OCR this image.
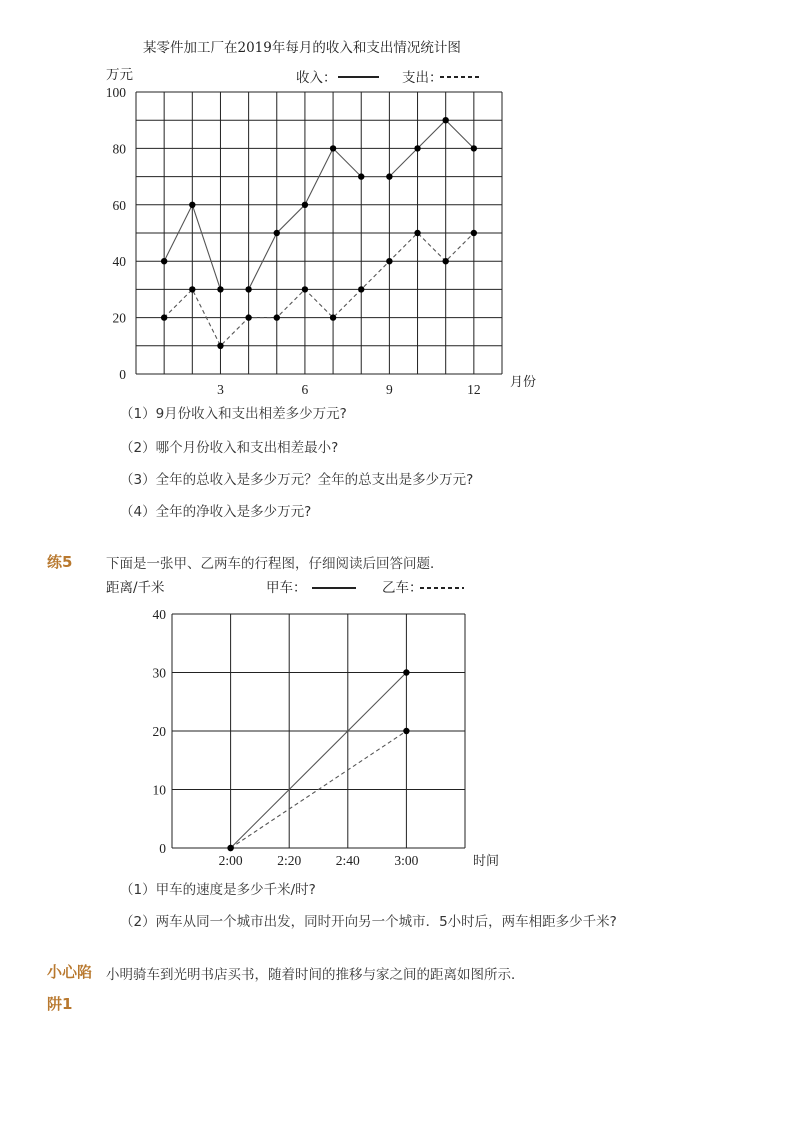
某零件加工厂在2019年每月的收入和支出情况统计图
万元	收入：	支出：
0
20
40
60
80
100
3	6	9	12 月份
（1）9月份收入和支出相差多少万元?
（2）哪个月份收入和支出相差最小?
（3）全年的总收入是多少万元？全年的总支出是多少万元?
（4）全年的净收入是多少万元?
练5 下面是一张甲、乙两车的行程图，仔细阅读后回答问题．
距离/千米	甲车：	乙车：
0
10
20
30
40
2:00	2:20	2:40	3:00	时间
（1）甲车的速度是多少千米/时?
（2）两车从同一个城市出发，同时开向另一个城市．5小时后，两车相距多少千米?
小心陷
阱1
小明骑车到光明书店买书，随着时间的推移与家之间的距离如图所示．
